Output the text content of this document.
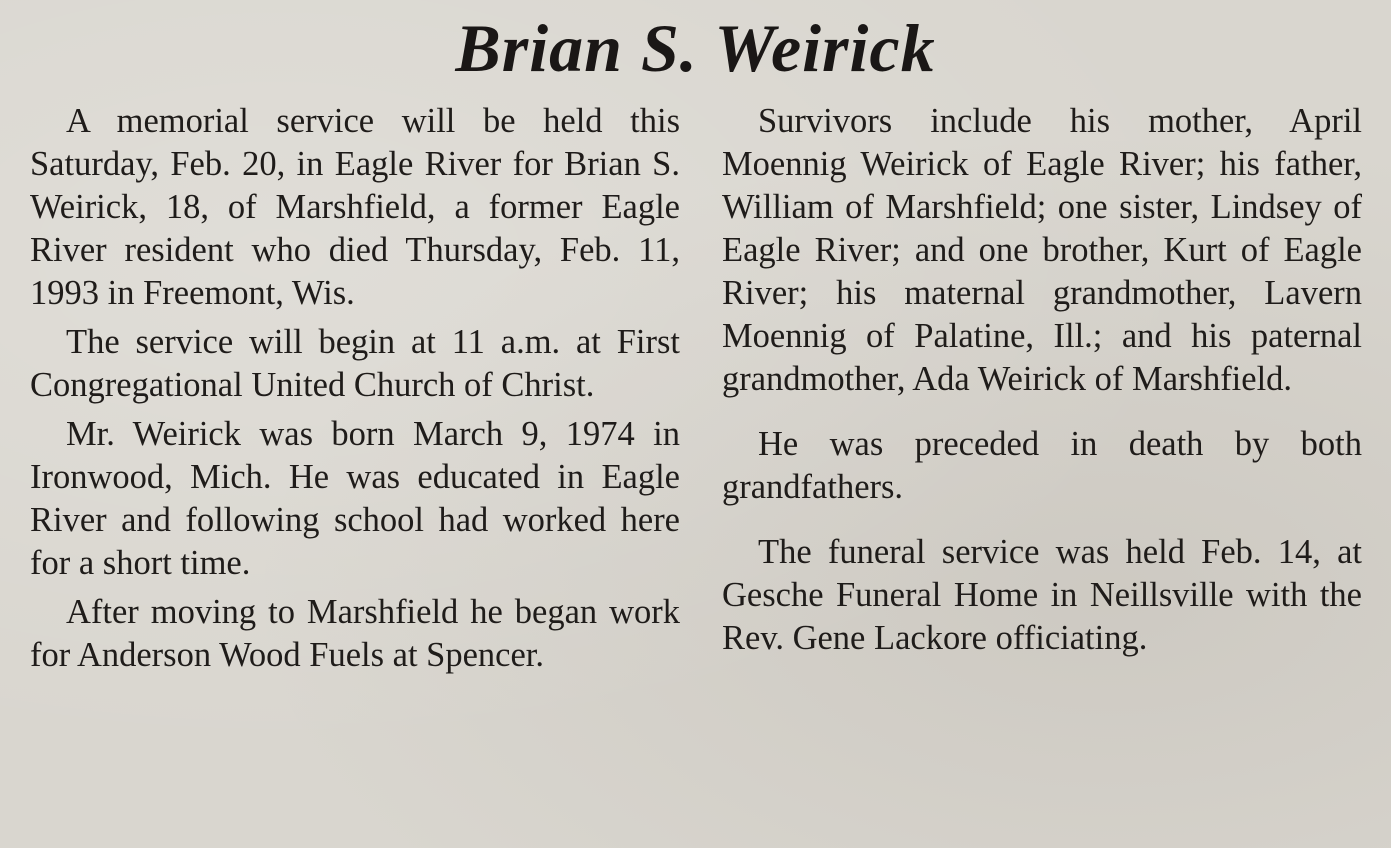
Brian S. Weirick

A memorial service will be held this Saturday, Feb. 20, in Eagle River for Brian S. Weirick, 18, of Marshfield, a former Eagle River resident who died Thursday, Feb. 11, 1993 in Freemont, Wis.

The service will begin at 11 a.m. at First Congregational United Church of Christ.

Mr. Weirick was born March 9, 1974 in Ironwood, Mich. He was educated in Eagle River and following school had worked here for a short time.

After moving to Marshfield he began work for Anderson Wood Fuels at Spencer.

Survivors include his mother, April Moennig Weirick of Eagle River; his father, William of Marshfield; one sister, Lindsey of Eagle River; and one brother, Kurt of Eagle River; his maternal grandmother, Lavern Moennig of Palatine, Ill.; and his paternal grandmother, Ada Weirick of Marshfield.

He was preceded in death by both grandfathers.

The funeral service was held Feb. 14, at Gesche Funeral Home in Neillsville with the Rev. Gene Lackore officiating.
